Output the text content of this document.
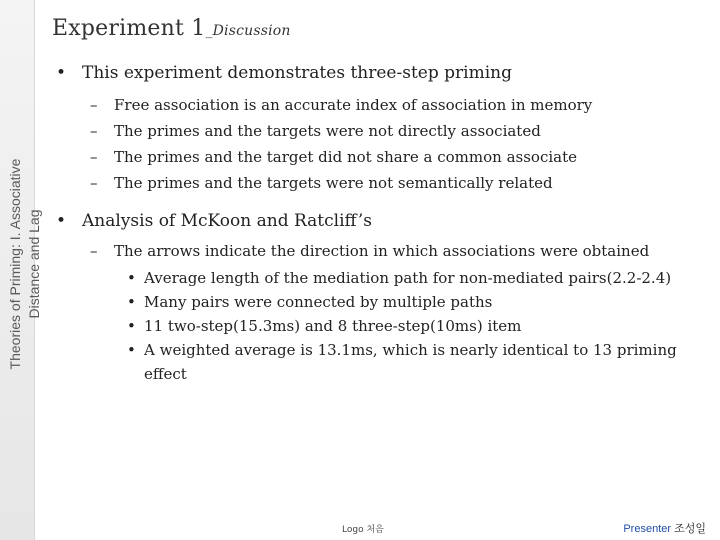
Theories of Priming: I. Associative Distance and Lag
Experiment 1_Discussion
• This experiment demonstrates three-step priming
– Free association is an accurate index of association in memory
– The primes and the targets were not directly associated
– The primes and the target did not share a common associate
– The primes and the targets were not semantically related
• Analysis of McKoon and Ratcliff’s
– The arrows indicate the direction in which associations were obtained
• Average length of the mediation path for non-mediated pairs(2.2-2.4)
• Many pairs were connected by multiple paths
• 11 two-step(15.3ms) and 8 three-step(10ms) item
• A weighted average is 13.1ms, which is nearly identical to 13 priming effect
Logo 처음	Presenter 조성일
